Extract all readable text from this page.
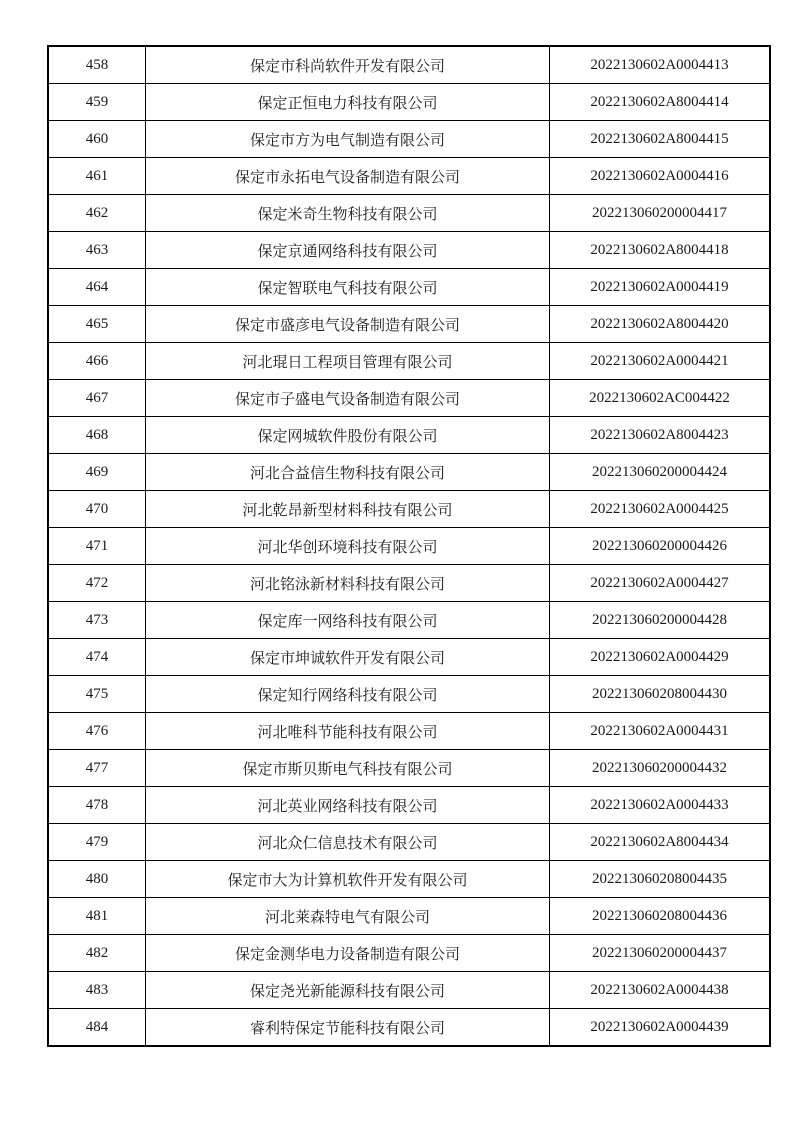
458	保定市科尚软件开发有限公司	2022130602A0004413
459	保定正恒电力科技有限公司	2022130602A8004414
460	保定市方为电气制造有限公司	2022130602A8004415
461	保定市永拓电气设备制造有限公司	2022130602A0004416
462	保定米奇生物科技有限公司	202213060200004417
463	保定京通网络科技有限公司	2022130602A8004418
464	保定智联电气科技有限公司	2022130602A0004419
465	保定市盛彦电气设备制造有限公司	2022130602A8004420
466	河北琨日工程项目管理有限公司	2022130602A0004421
467	保定市子盛电气设备制造有限公司	2022130602AC004422
468	保定网城软件股份有限公司	2022130602A8004423
469	河北合益信生物科技有限公司	202213060200004424
470	河北乾昂新型材料科技有限公司	2022130602A0004425
471	河北华创环境科技有限公司	202213060200004426
472	河北铭泳新材料科技有限公司	2022130602A0004427
473	保定库一网络科技有限公司	202213060200004428
474	保定市坤诚软件开发有限公司	2022130602A0004429
475	保定知行网络科技有限公司	202213060208004430
476	河北唯科节能科技有限公司	2022130602A0004431
477	保定市斯贝斯电气科技有限公司	202213060200004432
478	河北英业网络科技有限公司	2022130602A0004433
479	河北众仁信息技术有限公司	2022130602A8004434
480	保定市大为计算机软件开发有限公司	202213060208004435
481	河北莱森特电气有限公司	202213060208004436
482	保定金测华电力设备制造有限公司	202213060200004437
483	保定尧光新能源科技有限公司	2022130602A0004438
484	睿利特保定节能科技有限公司	2022130602A0004439
